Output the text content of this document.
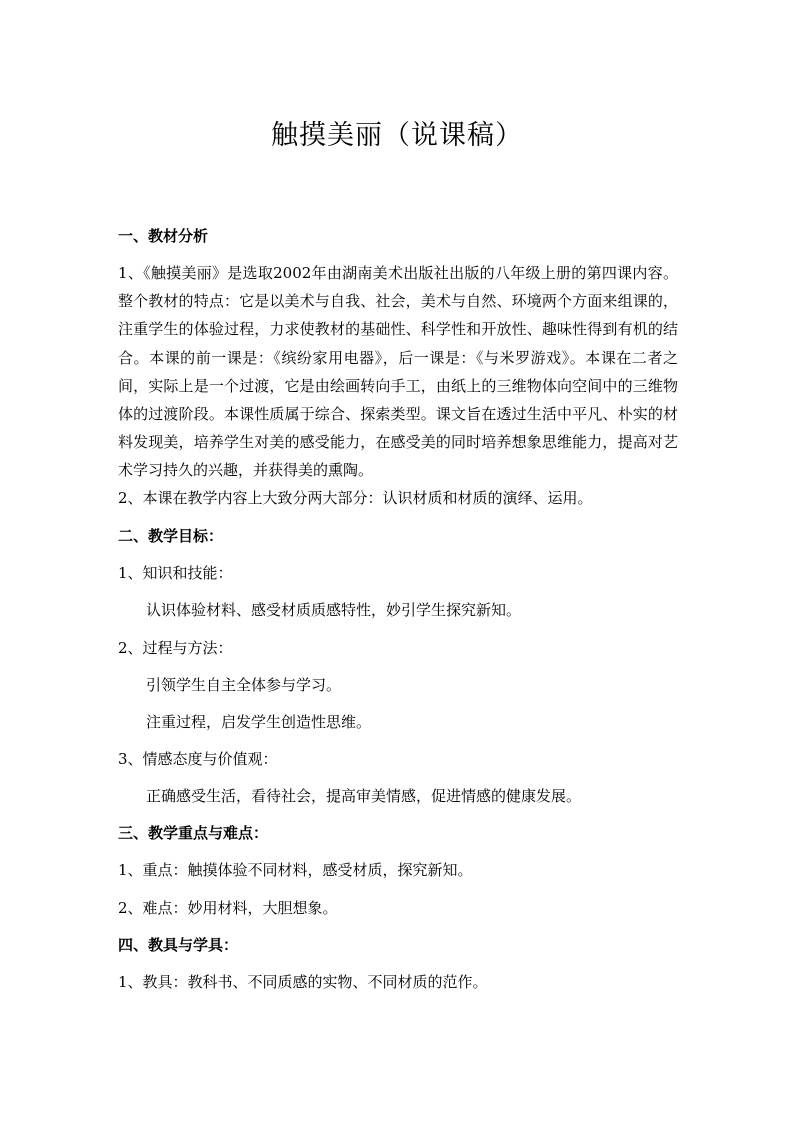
触摸美丽（说课稿）
一、教材分析
1、《触摸美丽》是选取2002年由湖南美术出版社出版的八年级上册的第四课内容。整个教材的特点：它是以美术与自我、社会，美术与自然、环境两个方面来组课的，注重学生的体验过程，力求使教材的基础性、科学性和开放性、趣味性得到有机的结合。本课的前一课是：《缤纷家用电器》，后一课是：《与米罗游戏》。本课在二者之间，实际上是一个过渡，它是由绘画转向手工，由纸上的三维物体向空间中的三维物体的过渡阶段。本课性质属于综合、探索类型。课文旨在透过生活中平凡、朴实的材料发现美，培养学生对美的感受能力，在感受美的同时培养想象思维能力，提高对艺术学习持久的兴趣，并获得美的熏陶。
2、本课在教学内容上大致分两大部分：认识材质和材质的演绎、运用。
二、教学目标：
1、知识和技能：
认识体验材料、感受材质质感特性，妙引学生探究新知。
2、过程与方法：
引领学生自主全体参与学习。
注重过程，启发学生创造性思维。
3、情感态度与价值观：
正确感受生活，看待社会，提高审美情感，促进情感的健康发展。
三、教学重点与难点：
1、重点：触摸体验不同材料，感受材质，探究新知。
2、难点：妙用材料，大胆想象。
四、教具与学具：
1、教具：教科书、不同质感的实物、不同材质的范作。
